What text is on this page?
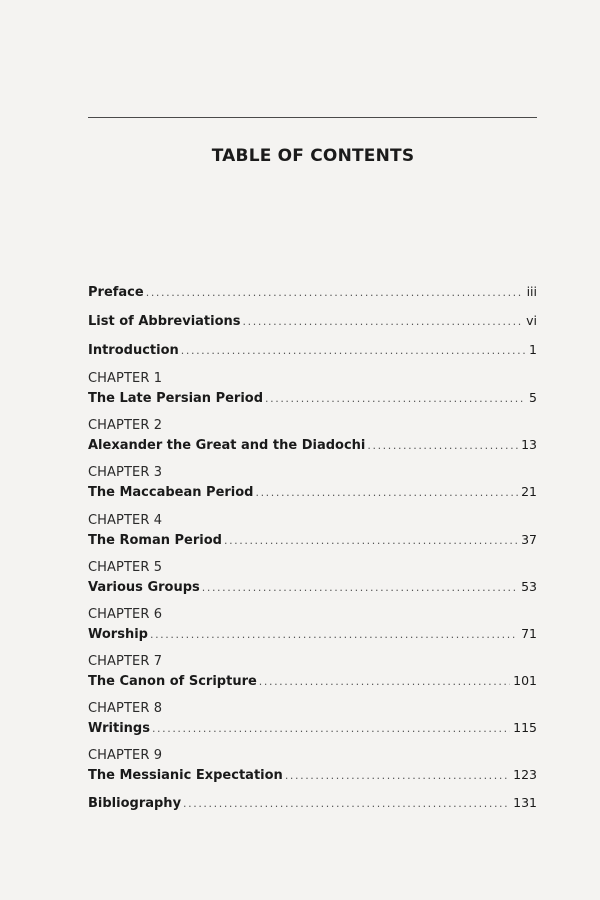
TABLE OF CONTENTS
Preface .....	iii
List of Abbreviations .....	vi
Introduction .....	1
CHAPTER 1
The Late Persian Period .....	5
CHAPTER 2
Alexander the Great and the Diadochi .....	13
CHAPTER 3
The Maccabean Period .....	21
CHAPTER 4
The Roman Period .....	37
CHAPTER 5
Various Groups .....	53
CHAPTER 6
Worship .....	71
CHAPTER 7
The Canon of Scripture .....	101
CHAPTER 8
Writings .....	115
CHAPTER 9
The Messianic Expectation .....	123
Bibliography .....	131
